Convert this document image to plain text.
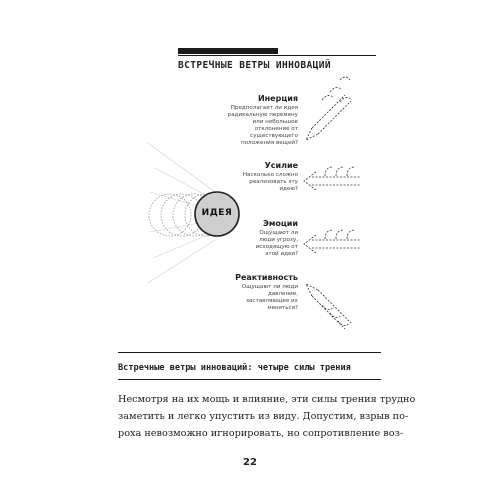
ВСТРЕЧНЫЕ ВЕТРЫ ИННОВАЦИЙ
ИДЕЯ
Инерция
Предполагает ли идея радикальную перемену или небольшое отклонение от существующего положения вещей?
Усилие
Насколько сложно реализовать эту идею?
Эмоции
Ощущают ли люди угрозу, исходящую от этой идеи?
Реактивность
Ощущают ли люди давление, заставляющее их меняться?
Встречные ветры инноваций: четыре силы трения
Несмотря на их мощь и влияние, эти силы трения трудно
заметить и легко упустить из виду. Допустим, взрыв по-
роха невозможно игнорировать, но сопротивление воз-
22
